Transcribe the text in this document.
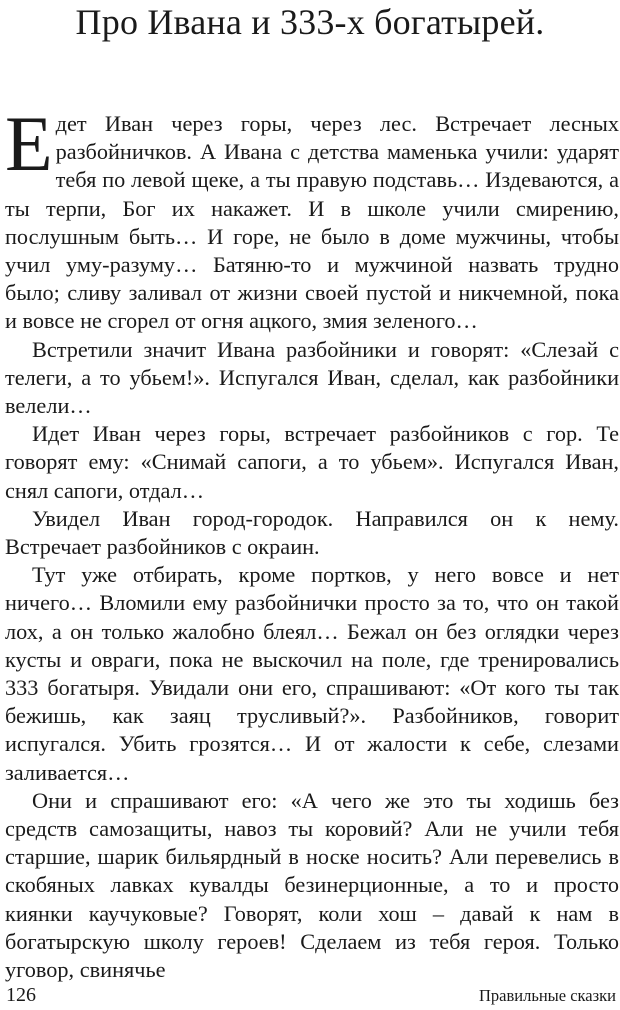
Про Ивана и 333-х богатырей.

Едет Иван через горы, через лес. Встречает лесных разбойничков. А Ивана с детства маменька учили: ударят тебя по левой щеке, а ты правую подставь… Издеваются, а ты терпи, Бог их накажет. И в школе учили смирению, послушным быть… И горе, не было в доме мужчины, чтобы учил уму-разуму… Батяню-то и мужчиной назвать трудно было; сливу заливал от жизни своей пустой и никчемной, пока и вовсе не сгорел от огня ацкого, змия зеленого…

Встретили значит Ивана разбойники и говорят: «Слезай с телеги, а то убьем!». Испугался Иван, сделал, как разбойники велели…

Идет Иван через горы, встречает разбойников с гор. Те говорят ему: «Снимай сапоги, а то убьем». Испугался Иван, снял сапоги, отдал…

Увидел Иван город-городок. Направился он к нему. Встречает разбойников с окраин.

Тут уже отбирать, кроме портков, у него вовсе и нет ничего… Вломили ему разбойнички просто за то, что он такой лох, а он только жалобно блеял… Бежал он без оглядки через кусты и овраги, пока не выскочил на поле, где тренировались 333 богатыря. Увидали они его, спрашивают: «От кого ты так бежишь, как заяц трусливый?». Разбойников, говорит испугался. Убить грозятся… И от жалости к себе, слезами заливается…

Они и спрашивают его: «А чего же это ты ходишь без средств самозащиты, навоз ты коровий? Али не учили тебя старшие, шарик бильярдный в носке носить? Али перевелись в скобяных лавках кувалды безинерционные, а то и просто киянки каучуковые? Говорят, коли хош – давай к нам в богатырскую школу героев! Сделаем из тебя героя. Только уговор, свинячье

126	Правильные сказки
